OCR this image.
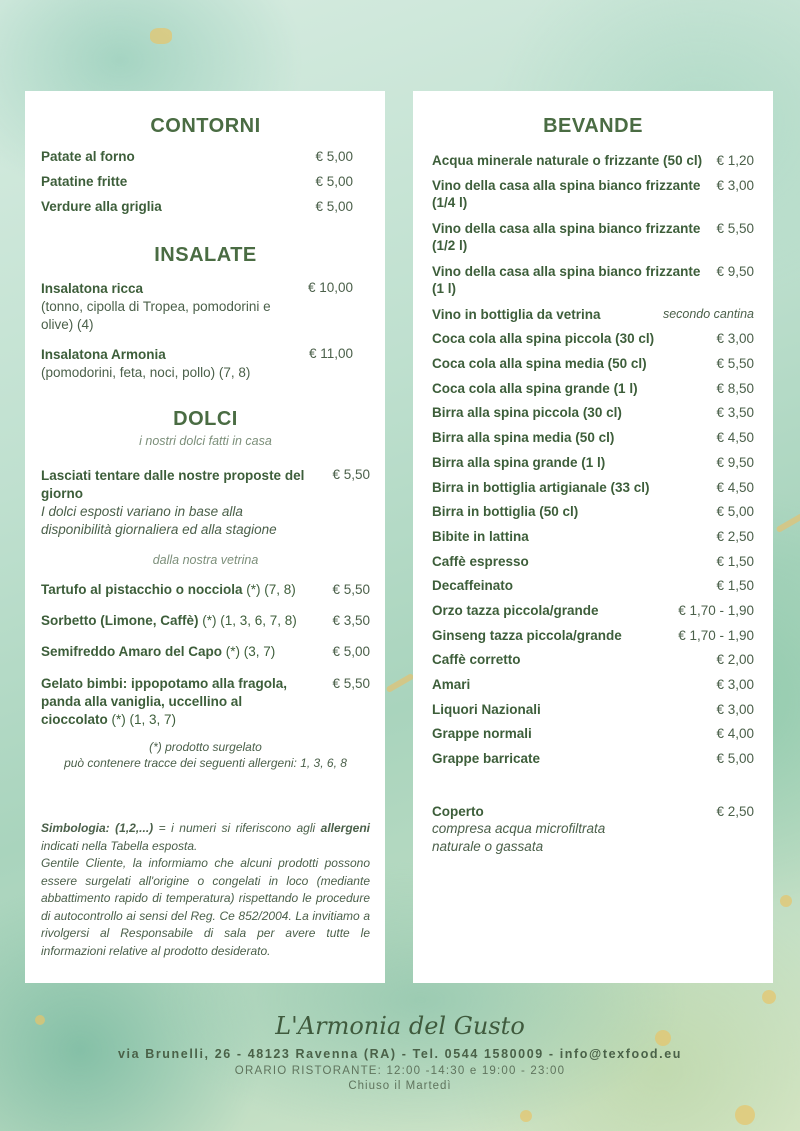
CONTORNI
Patate al forno	€ 5,00
Patatine fritte	€ 5,00
Verdure alla griglia	€ 5,00
INSALATE
Insalatona ricca
(tonno, cipolla di Tropea, pomodorini e olive) (4)
€ 10,00
Insalatona Armonia
(pomodorini, feta, noci, pollo) (7, 8)
€ 11,00
DOLCI
i nostri dolci fatti in casa
Lasciati tentare dalle nostre proposte del giorno
I dolci esposti variano in base alla disponibilità giornaliera ed alla stagione
€ 5,50
dalla nostra vetrina
Tartufo al pistacchio o nocciola (*) (7, 8)	€ 5,50
Sorbetto (Limone, Caffè) (*) (1, 3, 6, 7, 8)	€ 3,50
Semifreddo Amaro del Capo (*) (3, 7)	€ 5,00
Gelato bimbi: ippopotamo alla fragola, panda alla vaniglia, uccellino al cioccolato (*) (1, 3, 7)
€ 5,50
(*) prodotto surgelato
può contenere tracce dei seguenti allergeni: 1, 3, 6, 8
Simbologia: (1,2,...) = i numeri si riferiscono agli allergeni indicati nella Tabella esposta.
Gentile Cliente, la informiamo che alcuni prodotti possono essere surgelati all'origine o congelati in loco (mediante abbattimento rapido di temperatura) rispettando le procedure di autocontrollo ai sensi del Reg. Ce 852/2004. La invitiamo a rivolgersi al Responsabile di sala per avere tutte le informazioni relative al prodotto desiderato.
BEVANDE
Acqua minerale naturale o frizzante (50 cl) € 1,20
Vino della casa alla spina bianco frizzante (1/4 l)
€ 3,00
Vino della casa alla spina bianco frizzante (1/2 l)
€ 5,50
Vino della casa alla spina bianco frizzante (1 l)
€ 9,50
Vino in bottiglia da vetrina	secondo cantina
Coca cola alla spina piccola (30 cl)	€ 3,00
Coca cola alla spina media (50 cl)	€ 5,50
Coca cola alla spina grande (1 l)	€ 8,50
Birra alla spina piccola (30 cl)	€ 3,50
Birra alla spina media (50 cl)	€ 4,50
Birra alla spina grande (1 l)	€ 9,50
Birra in bottiglia artigianale (33 cl)	€ 4,50
Birra in bottiglia (50 cl)	€ 5,00
Bibite in lattina	€ 2,50
Caffè espresso	€ 1,50
Decaffeinato	€ 1,50
Orzo tazza piccola/grande	€ 1,70 - 1,90
Ginseng tazza piccola/grande	€ 1,70 - 1,90
Caffè corretto	€ 2,00
Amari	€ 3,00
Liquori Nazionali	€ 3,00
Grappe normali	€ 4,00
Grappe barricate	€ 5,00
Coperto	€ 2,50
compresa acqua microfiltrata naturale o gassata
L'Armonia del Gusto
via Brunelli, 26 - 48123 Ravenna (RA) - Tel. 0544 1580009 - info@texfood.eu
ORARIO RISTORANTE: 12:00 -14:30 e 19:00 - 23:00
Chiuso il Martedì
